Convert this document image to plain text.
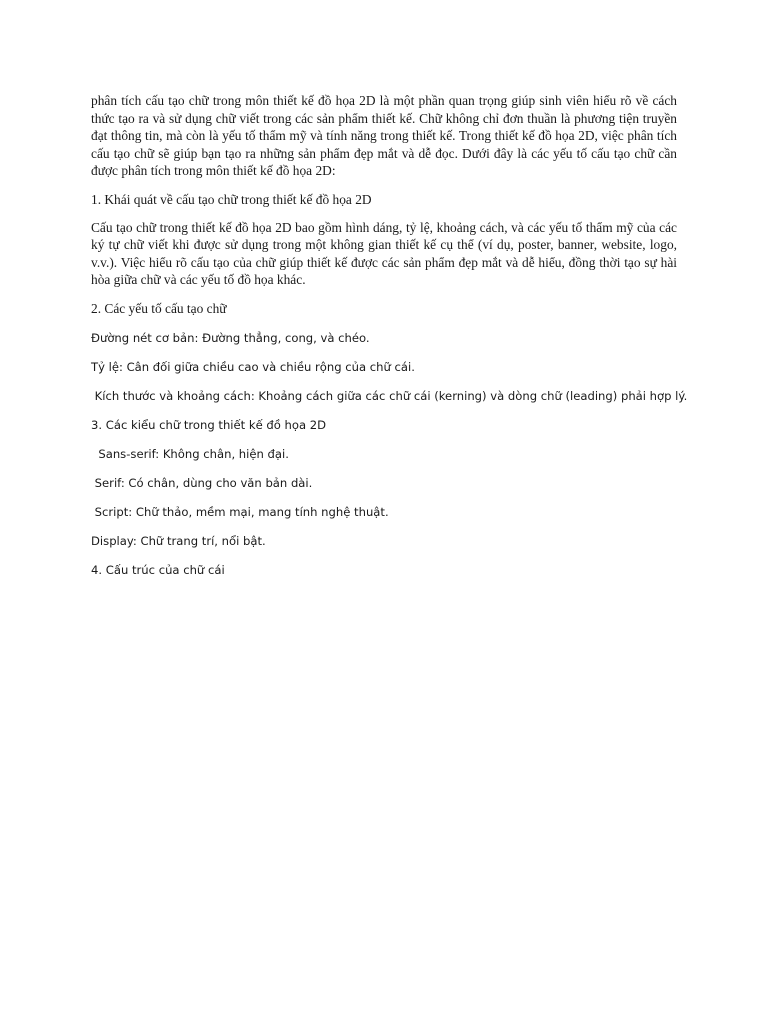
phân tích cấu tạo chữ trong môn thiết kế đồ họa 2D là một phần quan trọng giúp sinh viên hiểu rõ về cách thức tạo ra và sử dụng chữ viết trong các sản phẩm thiết kế. Chữ không chỉ đơn thuần là phương tiện truyền đạt thông tin, mà còn là yếu tố thẩm mỹ và tính năng trong thiết kế. Trong thiết kế đồ họa 2D, việc phân tích cấu tạo chữ sẽ giúp bạn tạo ra những sản phẩm đẹp mắt và dễ đọc. Dưới đây là các yếu tố cấu tạo chữ cần được phân tích trong môn thiết kế đồ họa 2D:

1. Khái quát về cấu tạo chữ trong thiết kế đồ họa 2D

Cấu tạo chữ trong thiết kế đồ họa 2D bao gồm hình dáng, tỷ lệ, khoảng cách, và các yếu tố thẩm mỹ của các ký tự chữ viết khi được sử dụng trong một không gian thiết kế cụ thể (ví dụ, poster, banner, website, logo, v.v.). Việc hiểu rõ cấu tạo của chữ giúp thiết kế được các sản phẩm đẹp mắt và dễ hiểu, đồng thời tạo sự hài hòa giữa chữ và các yếu tố đồ họa khác.

2. Các yếu tố cấu tạo chữ

Đường nét cơ bản: Đường thẳng, cong, và chéo.

Tỷ lệ: Cân đối giữa chiều cao và chiều rộng của chữ cái.

Kích thước và khoảng cách: Khoảng cách giữa các chữ cái (kerning) và dòng chữ (leading) phải hợp lý.

3. Các kiểu chữ trong thiết kế đồ họa 2D

Sans-serif: Không chân, hiện đại.

Serif: Có chân, dùng cho văn bản dài.

Script: Chữ thảo, mềm mại, mang tính nghệ thuật.

Display: Chữ trang trí, nổi bật.

4. Cấu trúc của chữ cái
